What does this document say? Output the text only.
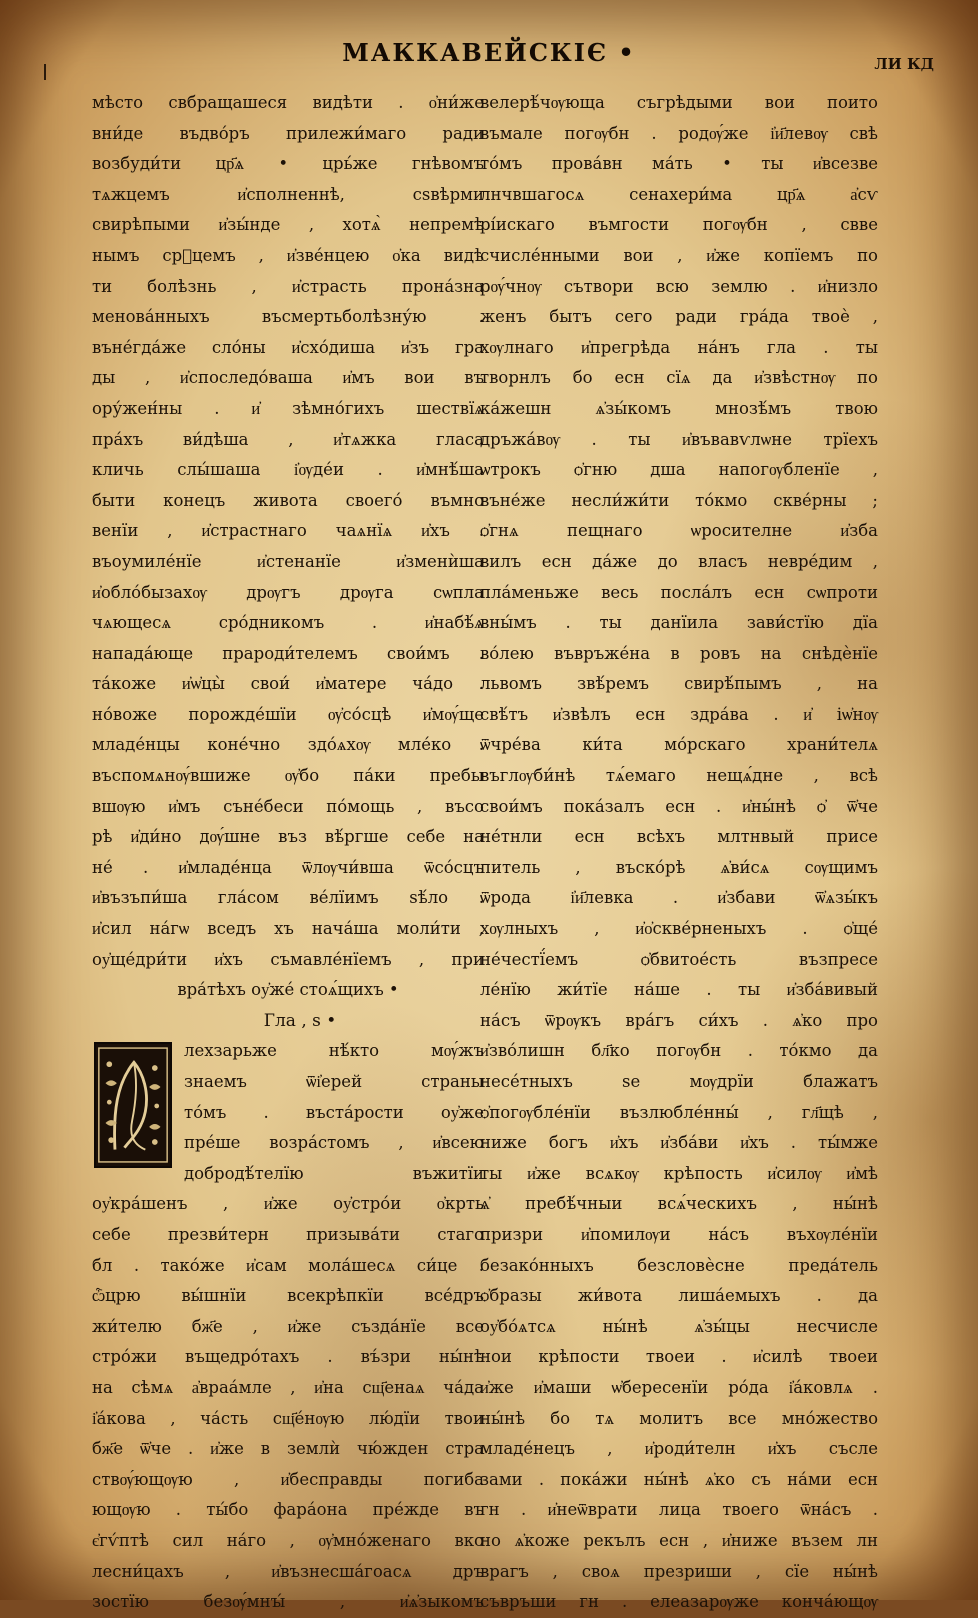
МАККАВЕЙСКІЄ •	ЛИ КД
мѣсто свбращашеся видѣти . о҆ни́же
вни́де въдво́ръ прилежи́маго ради
возбуди́ти цр҃ѧ • црь́же гнѣвомъ
тѧжцемъ и҆сполненнѣ, сѕвѣрми
свирѣпыми и҆зы́нде , хотѧ̀ непремѣ
нымъ срⷣцемъ , и҆зве́нцею о҆ка видѣ
ти болѣзнь , и҆страсть прона́зна
менова́нныхъ въсмертьболѣзну́ю .
въне́гда́же сло́ны и҆схо́диша и҆зъ гра
ды , и҆споследо́ваша и҆мъ вои въ
ору́жен́ны . и҆ зѣмно́гихъ шествїѧ
пра́хъ ви́дѣша , и҆тѧжка гласа
кличь слы́шаша і҆ѹде́и . и҆мнѣ́ша
быти конецъ живота своего́ въмно
венїи , и҆страстнаго чаѧнїѧ и҆хъ .
въоумиле́нїе и҆стенанїе и҆зменѝша
и҆обло́бызахѹ дрѹгъ дрѹга сѡпла
чѧющесѧ сро́дникомъ . и҆набѣ́ѧ
напада́юще прароди́телемъ свои́мъ .
та́коже и҆ѡ҆цы̀ свои́ и҆матере ча́до .
но́воже порожде́шїи ѹ҆со́сцѣ и҆мѹ́ще
младе́нцы коне́чно здо́ѧхѹ мле́ко .
въспомѧнѹ́вшиже ѹ҆бо па́ки пребы
вшѹю и҆мъ съне́беси по́мощь , въсо
рѣ и҆ди́но дѹ́шне въз вѣ́ргше себе на
не́ . и҆младе́нца ѿлѹчи́вша ѿсо́сцъ
и҆възъпи́ша гла́сом ве́лїимъ ѕѣ́ло .
и҆сил на́гѡ вседъ хъ нача́ша моли́ти ,
оу҆ще́дри́ти и҆хъ съмавле́нїемъ , при
вра́тѣхъ оу҆же́ стоѧ́щихъ •
Гла , ѕ •
лехзарьже нѣ́кто мѹ́жъ
знаемъ ѿі҆ерей страны
то́мъ . въста́рости оу҆же
пре́ше возра́стомъ , и҆всею
добродѣ́телїю въжитїи
оу҆кра́шенъ , и҆же оу҆стро́и о҆крть
себе презви́терн призыва́ти стаго
бл . тако́же и҆сам мола́шесѧ си́це .
ѽцрю вы́шнїи всекрѣпкїи все́дръ
жи́телю бж҃е , и҆же създа́нїе все
стро́жи въщедро́тахъ . въ́зри ны́нѣ
на сѣмѧ а҆враа́мле , и҆на сщ҃енаѧ ча́да
і҆а́кова , ча́сть сщ҃е́нѹю лю́дїи твои
бж҃е ѿ҆че . и҆же в землѝ чю́жден стра
ствѹ́ющѹю , и҆бесправды погиба
ющѹю . ты́бо фара́она пре́жде въ
є҆гѵ́птѣ сил на́го , ѹ҆мно́женаго вко
лесни́цахъ , и҆възнесша́гоасѧ дръ
зостїю безѹ́мнꙑ́ , и҆ѧ҆зыкомъ
велерѣ́чѹюща съгрѣдыми вои поито
въмале погѹбн . родѹ́же і҆и҃левѹ свѣ
то́мъ прова́вн ма́ть • ты и҆всезве
лнчвшагосѧ сенахери́ма цр҃ѧ а҆сѵ
рі́искаго въмгости погѹбн , свве
счисле́нными вои , и҆же копїемъ по
рѹ́чнѹ сътвори всю землю . и҆низло
женъ бытъ сего ради гра́да твоѐ ,
хѹлнаго и҆прегрѣда на́нъ гла . ты
творнлъ бо есн сїѧ да и҆звѣстнѹ по
ка́жешн ѧ҆зы́комъ мнозѣ́мъ твою
дръжа́вѹ . ты и҆въвавѵлѡне трїехъ
ѡтрокъ ѻ҆гню дша напогѹбленїе ,
въне́же несли́жи́ти то́кмо скве́рны ;
ѻ҆гнѧ пещнаго ѡросителне и҆зба
вилъ есн да́же до власъ невре́дим ,
пла́меньже весь посла́лъ есн сѡпроти
вны́мъ . ты данїила зави́стїю дїа
во́лею въвръже́на в ровъ на снѣдѐнїе
львомъ звѣ́ремъ свирѣ́пымъ , на
свѣ́тъ и҆звѣлъ есн здра́ва . и҆ іѡ҆нѹ
ѿчре́ва ки́та мо́рскаго храни́телѧ
въглѹби́нѣ тѧ́емаго нещѧ́дне , всѣ
свои́мъ пока́залъ есн . и҆ны́нѣ ѻ҆ ѿ҆че
не́тнли есн всѣхъ млтнвый присе
питель , въско́рѣ ѧ҆ви́сѧ сѹщимъ
ѿрода і҆и҃левка . и҆збави ѿ҆ѧзы́къ
хѹлныхъ , и҆о҆скве́рненыхъ . ѻ҆ще́
не́честї́емъ ѻ҆бвитое́сть възпресе
ле́нїю жи́тїе на́ше . ты и҆зба́вивый
на́съ ѿрѹкъ вра́гъ си́хъ . ѧ҆ко про
и҆зво́лишн бл҃ко погѹбн . то́кмо да
несе́тныхъ ѕе мѹдрїи блажатъ
ѻ҆погѹбле́нїи възлюбле́нны́ , гл҃щѣ ,
ниже богъ и҆хъ и҆зба́ви и҆хъ . ты́мже
ты и҆же всѧкѹ крѣпость и҆силѹ и҆мѣ
ѧ҆ пребѣ́чныи всѧ́ческихъ , ны́нѣ
призри и҆помилѹи на́съ въхѹле́нїи
безако́нныхъ безсловѐсне преда́тель
ѻ҆бразы жи́вота лиша́емыхъ . да
оу҆бо́ѧтсѧ ны́нѣ ѧ҆зы́цы несчисле
нои крѣпости твоеи . и҆силѣ твоеи
и҆же и҆маши ѡ҆бересенїи ро́да і҆а́ковлѧ .
ны́нѣ бо тѧ молитъ все мно́жество
младе́нецъ , и҆роди́телн и҆хъ съсле
зами . пока́жи ны́нѣ ѧ҆ко съ на́ми есн
гн . и҆неѿврати лица твоего ѿна́съ .
но ѧ҆коже рекълъ есн , и҆ниже възем лн
врагъ , своѧ презриши , сїе ны́нѣ
съвръши гн . елеазарѹже конча́ющѹ
